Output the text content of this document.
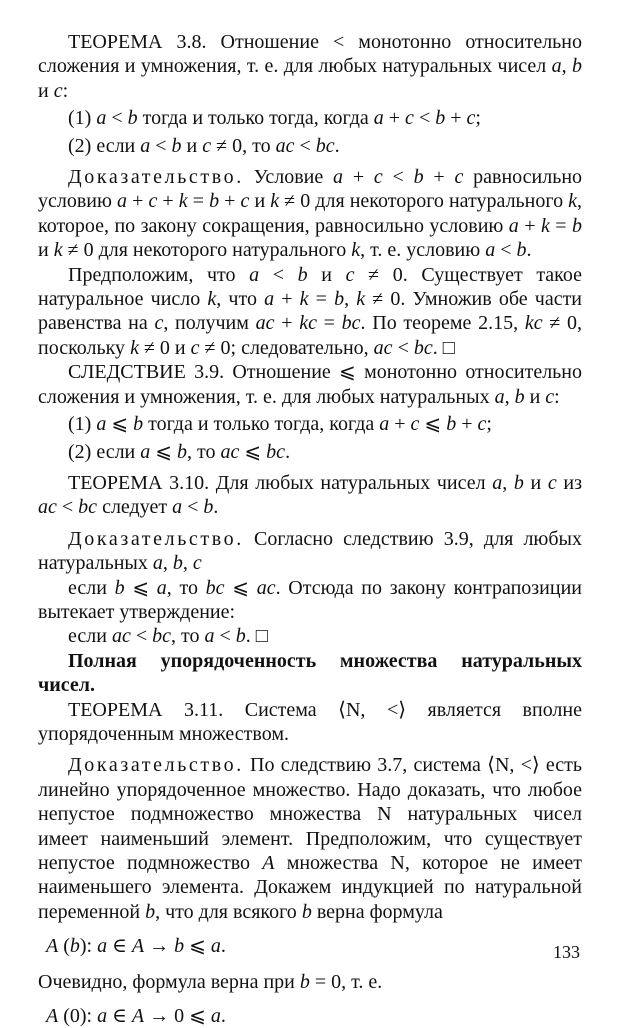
ТЕОРЕМА 3.8. Отношение < монотонно относительно сложения и умножения, т. е. для любых натуральных чисел a, b и c:

(1) a < b тогда и только тогда, когда a + c < b + c;

(2) если a < b и c ≠ 0, то ac < bc.

Доказательство. Условие a + c < b + c равносильно условию a + c + k = b + c и k ≠ 0 для некоторого натурального k, которое, по закону сокращения, равносильно условию a + k = b и k ≠ 0 для некоторого натурального k, т. е. условию a < b.

Предположим, что a < b и c ≠ 0. Существует такое натуральное число k, что a + k = b, k ≠ 0. Умножив обе части равенства на c, получим ac + kc = bc. По теореме 2.15, kc ≠ 0, поскольку k ≠ 0 и c ≠ 0; следовательно, ac < bc. □

СЛЕДСТВИЕ 3.9. Отношение ⩽ монотонно относительно сложения и умножения, т. е. для любых натуральных a, b и c:

(1) a ⩽ b тогда и только тогда, когда a + c ⩽ b + c;

(2) если a ⩽ b, то ac ⩽ bc.

ТЕОРЕМА 3.10. Для любых натуральных чисел a, b и c из ac < bc следует a < b.

Доказательство. Согласно следствию 3.9, для любых натуральных a, b, c

если b ⩽ a, то bc ⩽ ac. Отсюда по закону контрапозиции вытекает утверждение:

если ac < bc, то a < b. □

Полная упорядоченность множества натуральных чисел.

ТЕОРЕМА 3.11. Система ⟨N, <⟩ является вполне упорядоченным множеством.

Доказательство. По следствию 3.7, система ⟨N, <⟩ есть линейно упорядоченное множество. Надо доказать, что любое непустое подмножество множества N натуральных чисел имеет наименьший элемент. Предположим, что существует непустое подмножество A множества N, которое не имеет наименьшего элемента. Докажем индукцией по натуральной переменной b, что для всякого b верна формула

A (b): a ∈ A → b ⩽ a.

Очевидно, формула верна при b = 0, т. е.

A (0): a ∈ A → 0 ⩽ a.

133
